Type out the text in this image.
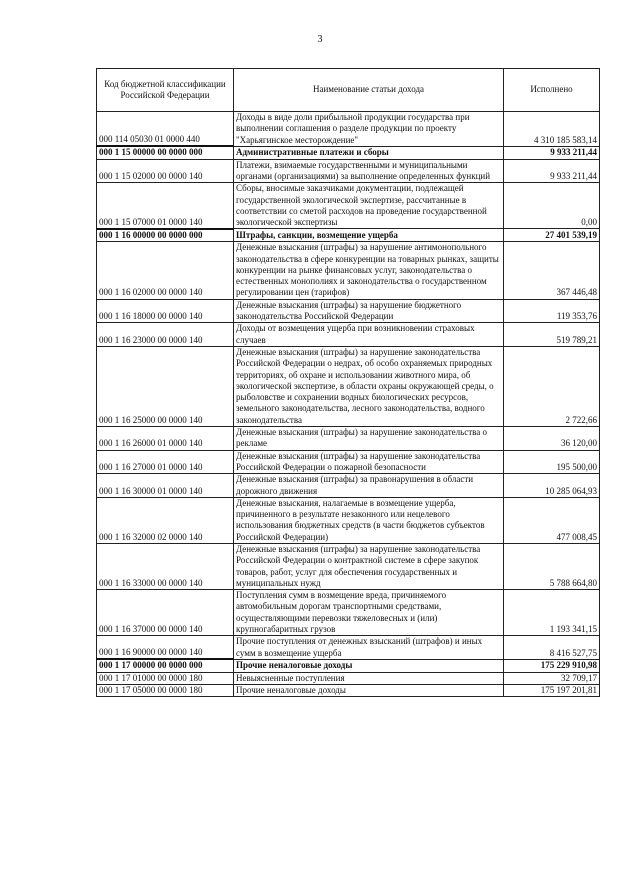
3
Код бюджетной классификации Российской Федерации	Наименование статьи дохода	Исполнено
000 114 05030 01 0000 440	Доходы в виде доли прибыльной продукции государства при выполнении соглашения о разделе продукции по проекту "Харьягинское месторождение"	4 310 185 583,14
000 1 15 00000 00 0000 000	Административные платежи и сборы	9 933 211,44
000 1 15 02000 00 0000 140	Платежи, взимаемые государственными и муниципальными органами (организациями) за выполнение определенных функций	9 933 211,44
000 1 15 07000 01 0000 140	Сборы, вносимые заказчиками документации, подлежащей государственной экологической экспертизе, рассчитанные в соответствии со сметой расходов на проведение государственной экологической экспертизы	0,00
000 1 16 00000 00 0000 000	Штрафы, санкции, возмещение ущерба	27 401 539,19
000 1 16 02000 00 0000 140	Денежные взыскания (штрафы) за нарушение антимонопольного законодательства в сфере конкуренции на товарных рынках, защиты конкуренции на рынке финансовых услуг, законодательства о естественных монополиях и законодательства о государственном регулировании цен (тарифов)	367 446,48
000 1 16 18000 00 0000 140	Денежные взыскания (штрафы) за нарушение бюджетного законодательства Российской Федерации	119 353,76
000 1 16 23000 00 0000 140	Доходы от возмещения ущерба при возникновении страховых случаев	519 789,21
000 1 16 25000 00 0000 140	Денежные взыскания (штрафы) за нарушение законодательства Российской Федерации о недрах, об особо охраняемых природных территориях, об охране и использовании животного мира, об экологической экспертизе, в области охраны окружающей среды, о рыболовстве и сохранении водных биологических ресурсов, земельного законодательства, лесного законодательства, водного законодательства	2 722,66
000 1 16 26000 01 0000 140	Денежные взыскания (штрафы) за нарушение законодательства о рекламе	36 120,00
000 1 16 27000 01 0000 140	Денежные взыскания (штрафы) за нарушение законодательства Российской Федерации о пожарной безопасности	195 500,00
000 1 16 30000 01 0000 140	Денежные взыскания (штрафы) за правонарушения в области дорожного движения	10 285 064,93
000 1 16 32000 02 0000 140	Денежные взыскания, налагаемые в возмещение ущерба, причиненного в результате незаконного или нецелевого использования бюджетных средств (в части бюджетов субъектов Российской Федерации)	477 008,45
000 1 16 33000 00 0000 140	Денежные взыскания (штрафы) за нарушение законодательства Российской Федерации о контрактной системе в сфере закупок товаров, работ, услуг для обеспечения государственных и муниципальных нужд	5 788 664,80
000 1 16 37000 00 0000 140	Поступления сумм в возмещение вреда, причиняемого автомобильным дорогам транспортными средствами, осуществляющими перевозки тяжеловесных и (или) крупногабаритных грузов	1 193 341,15
000 1 16 90000 00 0000 140	Прочие поступления от денежных взысканий (штрафов) и иных сумм в возмещение ущерба	8 416 527,75
000 1 17 00000 00 0000 000	Прочие неналоговые доходы	175 229 910,98
000 1 17 01000 00 0000 180	Невыясненные поступления	32 709,17
000 1 17 05000 00 0000 180	Прочие неналоговые доходы	175 197 201,81
